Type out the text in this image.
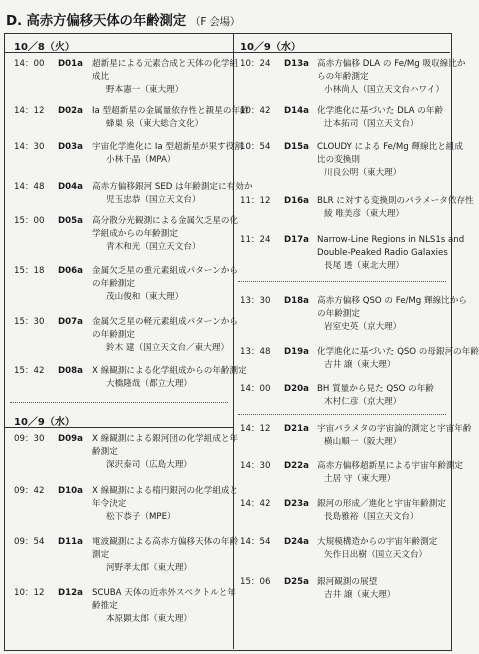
D. 高赤方偏移天体の年齢測定 （F 会場）
10／8（火）
14：00	D01a 超新星による元素合成と天体の化学組
成比
野本憲一（東大理）
14：12	D02a Ia 型超新星の金属量依存性と親星の年齢
蜂巣 泉（東大総合文化）
14：30	D03a 宇宙化学進化に Ia 型超新星が果す役割
小林千晶（MPA）
14：48	D04a 高赤方偏移銀河 SED は年齢測定に有効か
児玉忠恭（国立天文台）
15：00	D05a 高分散分光観測による金属欠乏星の化
学組成からの年齢測定
青木和光（国立天文台）
15：18	D06a 金属欠乏星の重元素組成パターンから
の年齢測定
茂山俊和（東大理）
15：30	D07a 金属欠乏星の軽元素組成パターンから
の年齢測定
鈴木 建（国立天文台／東大理）
15：42	D08a X 線観測による化学組成からの年齢測定
大橋隆哉（都立大理）
10／9（水）
09：30	D09a X 線観測による銀河団の化学組成と年
齢測定
深沢泰司（広島大理）
09：42	D10a X 線観測による楕円銀河の化学組成と
年令決定
松下恭子（MPE）
09：54	D11a 電波観測による高赤方偏移天体の年齢
測定
河野孝太郎（東大理）
10：12	D12a SCUBA 天体の近赤外スペクトルと年
齢推定
本原顕太郎（東大理）
10／9（水）
10：24	D13a 高赤方偏移 DLA の Fe/Mg 吸収線比か
らの年齢測定
小林尚人（国立天文台ハワイ）
10：42	D14a 化学進化に基づいた DLA の年齢
辻本拓司（国立天文台）
10：54	D15a CLOUDY による Fe/Mg 輝線比と組成
比の変換則
川良公明（東大理）
11：12	D16a BLR に対する変換則のパラメータ依存性
綾 唯美彦（東大理）
11：24	D17a Narrow-Line Regions in NLS1s and
Double-Peaked Radio Galaxies
長尾 透（東北大理）
13：30	D18a 高赤方偏移 QSO の Fe/Mg 輝線比から
の年齢測定
岩室史英（京大理）
13：48	D19a 化学進化に基づいた QSO の母銀河の年齢
吉井 譲（東大理）
14：00	D20a BH 質量から見た QSO の年齢
木村仁彦（京大理）
14：12	D21a 宇宙パラメタの宇宙論的測定と宇宙年齢
横山順一（阪大理）
14：30	D22a 高赤方偏移超新星による宇宙年齢測定
土居 守（東大理）
14：42	D23a 銀河の形成／進化と宇宙年齢測定
長島雅裕（国立天文台）
14：54	D24a 大規模構造からの宇宙年齢測定
矢作日出樹（国立天文台）
15：06	D25a 銀河観測の展望
吉井 譲（東大理）
